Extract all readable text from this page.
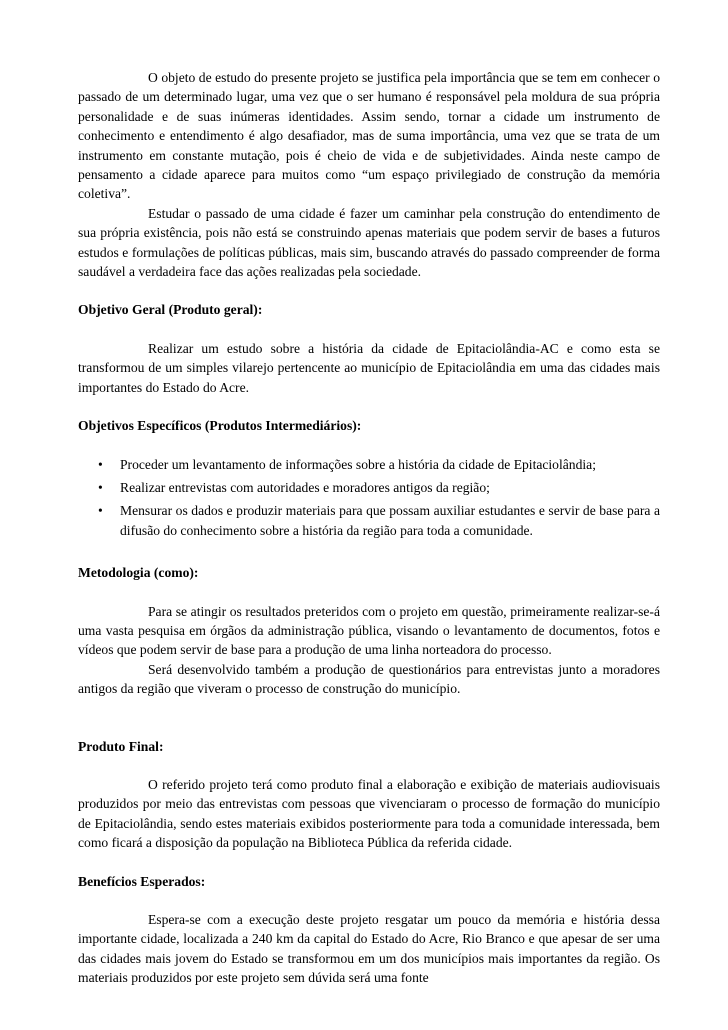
O objeto de estudo do presente projeto se justifica pela importância que se tem em conhecer o passado de um determinado lugar, uma vez que o ser humano é responsável pela moldura de sua própria personalidade e de suas inúmeras identidades. Assim sendo, tornar a cidade um instrumento de conhecimento e entendimento é algo desafiador, mas de suma importância, uma vez que se trata de um instrumento em constante mutação, pois é cheio de vida e de subjetividades. Ainda neste campo de pensamento a cidade aparece para muitos como “um espaço privilegiado de construção da memória coletiva”.

Estudar o passado de uma cidade é fazer um caminhar pela construção do entendimento de sua própria existência, pois não está se construindo apenas materiais que podem servir de bases a futuros estudos e formulações de políticas públicas, mais sim, buscando através do passado compreender de forma saudável a verdadeira face das ações realizadas pela sociedade.

Objetivo Geral (Produto geral):

Realizar um estudo sobre a história da cidade de Epitaciolândia-AC e como esta se transformou de um simples vilarejo pertencente ao município de Epitaciolândia em uma das cidades mais importantes do Estado do Acre.

Objetivos Específicos (Produtos Intermediários):
• Proceder um levantamento de informações sobre a história da cidade de Epitaciolândia;
• Realizar entrevistas com autoridades e moradores antigos da região;
• Mensurar os dados e produzir materiais para que possam auxiliar estudantes e servir de base para a difusão do conhecimento sobre a história da região para toda a comunidade.
Metodologia (como):

Para se atingir os resultados preteridos com o projeto em questão, primeiramente realizar-se-á uma vasta pesquisa em órgãos da administração pública, visando o levantamento de documentos, fotos e vídeos que podem servir de base para a produção de uma linha norteadora do processo.

Será desenvolvido também a produção de questionários para entrevistas junto a moradores antigos da região que viveram o processo de construção do município.

Produto Final:

O referido projeto terá como produto final a elaboração e exibição de materiais audiovisuais produzidos por meio das entrevistas com pessoas que vivenciaram o processo de formação do município de Epitaciolândia, sendo estes materiais exibidos posteriormente para toda a comunidade interessada, bem como ficará a disposição da população na Biblioteca Pública da referida cidade.

Benefícios Esperados:

Espera-se com a execução deste projeto resgatar um pouco da memória e história dessa importante cidade, localizada a 240 km da capital do Estado do Acre, Rio Branco e que apesar de ser uma das cidades mais jovem do Estado se transformou em um dos municípios mais importantes da região. Os materiais produzidos por este projeto sem dúvida será uma fonte
